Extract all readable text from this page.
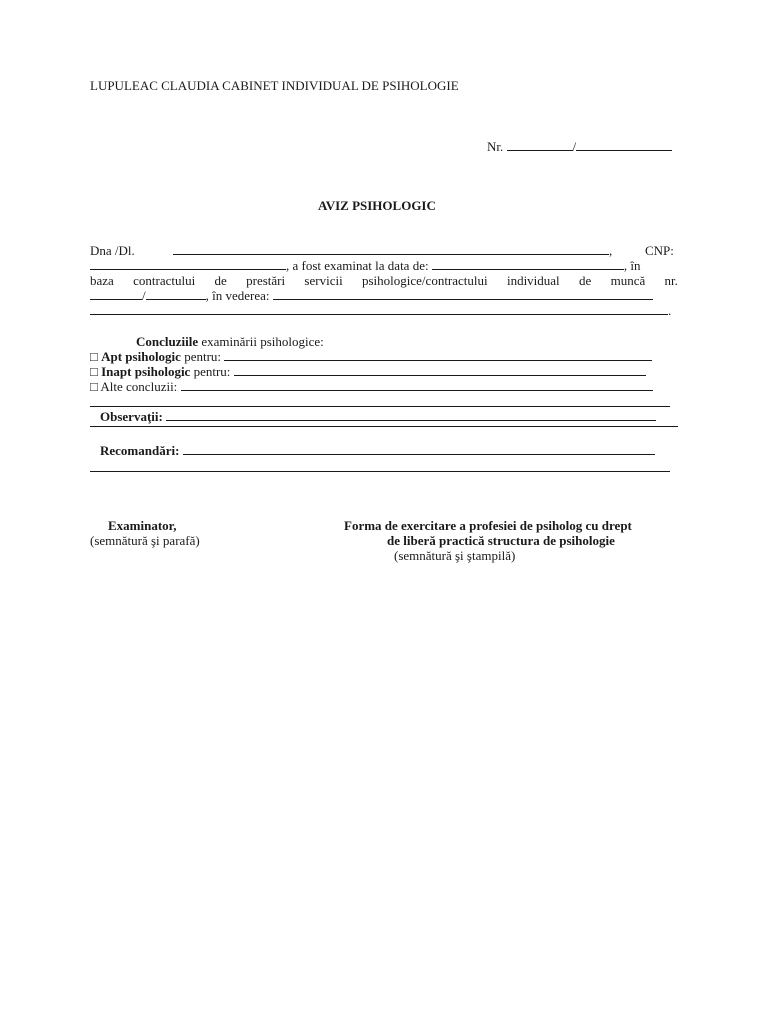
LUPULEAC CLAUDIA CABINET INDIVIDUAL DE PSIHOLOGIE
Nr.	/
AVIZ PSIHOLOGIC
Dna /Dl.	,	CNP:
, a fost examinat la data de:	, în
baza contractului de prestări servicii psihologice/contractului individual de muncă nr.
/	, în vederea:
.
Concluziile examinării psihologice:
□ Apt psihologic pentru:
□ Inapt psihologic pentru:
□ Alte concluzii:
Observaţii:
Recomandări:
Examinator,
(semnătură şi parafă)
Forma de exercitare a profesiei de psiholog cu drept
de liberă practică structura de psihologie
(semnătură şi ştampilă)
